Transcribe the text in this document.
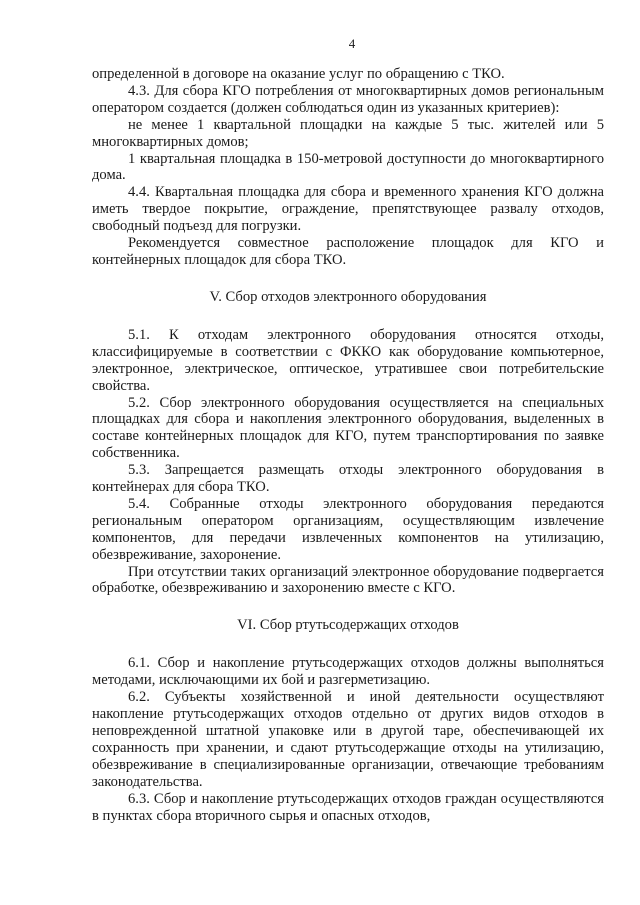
4

определенной в договоре на оказание услуг по обращению с ТКО.

4.3. Для сбора КГО потребления от многоквартирных домов региональным оператором создается (должен соблюдаться один из указанных критериев):

не менее 1 квартальной площадки на каждые 5 тыс. жителей или 5 многоквартирных домов;

1 квартальная площадка в 150-метровой доступности до многоквартирного дома.

4.4. Квартальная площадка для сбора и временного хранения КГО должна иметь твердое покрытие, ограждение, препятствующее развалу отходов, свободный подъезд для погрузки.

Рекомендуется совместное расположение площадок для КГО и контейнерных площадок для сбора ТКО.

V. Сбор отходов электронного оборудования

5.1. К отходам электронного оборудования относятся отходы, классифицируемые в соответствии с ФККО как оборудование компьютерное, электронное, электрическое, оптическое, утратившее свои потребительские свойства.

5.2. Сбор электронного оборудования осуществляется на специальных площадках для сбора и накопления электронного оборудования, выделенных в составе контейнерных площадок для КГО, путем транспортирования по заявке собственника.

5.3. Запрещается размещать отходы электронного оборудования в контейнерах для сбора ТКО.

5.4. Собранные отходы электронного оборудования передаются региональным оператором организациям, осуществляющим извлечение компонентов, для передачи извлеченных компонентов на утилизацию, обезвреживание, захоронение.

При отсутствии таких организаций электронное оборудование подвергается обработке, обезвреживанию и захоронению вместе с КГО.

VI. Сбор ртутьсодержащих отходов

6.1. Сбор и накопление ртутьсодержащих отходов должны выполняться методами, исключающими их бой и разгерметизацию.

6.2. Субъекты хозяйственной и иной деятельности осуществляют накопление ртутьсодержащих отходов отдельно от других видов отходов в неповрежденной штатной упаковке или в другой таре, обеспечивающей их сохранность при хранении, и сдают ртутьсодержащие отходы на утилизацию, обезвреживание в специализированные организации, отвечающие требованиям законодательства.

6.3. Сбор и накопление ртутьсодержащих отходов граждан осуществляются в пунктах сбора вторичного сырья и опасных отходов,
